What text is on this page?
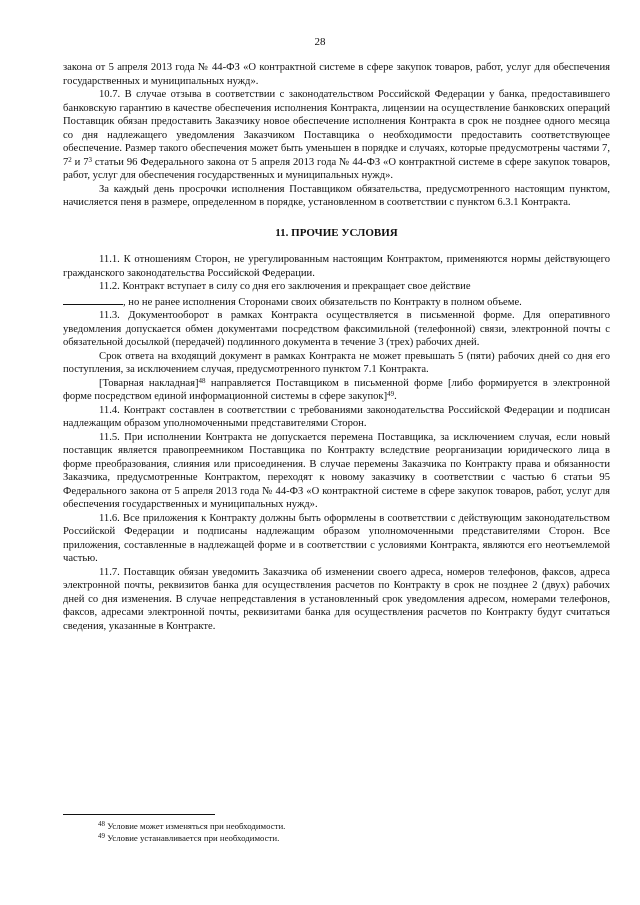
28

закона от 5 апреля 2013 года № 44-ФЗ «О контрактной системе в сфере закупок товаров, работ, услуг для обеспечения государственных и муниципальных нужд».

10.7. В случае отзыва в соответствии с законодательством Российской Федерации у банка, предоставившего банковскую гарантию в качестве обеспечения исполнения Контракта, лицензии на осуществление банковских операций Поставщик обязан предоставить Заказчику новое обеспечение исполнения Контракта в срок не позднее одного месяца со дня надлежащего уведомления Заказчиком Поставщика о необходимости предоставить соответствующее обеспечение. Размер такого обеспечения может быть уменьшен в порядке и случаях, которые предусмотрены частями 7, $7^2$ и $7^3$ статьи 96 Федерального закона от 5 апреля 2013 года № 44-ФЗ «О контрактной системе в сфере закупок товаров, работ, услуг для обеспечения государственных и муниципальных нужд».

За каждый день просрочки исполнения Поставщиком обязательства, предусмотренного настоящим пунктом, начисляется пеня в размере, определенном в порядке, установленном в соответствии с пунктом 6.3.1 Контракта.

11. ПРОЧИЕ УСЛОВИЯ

11.1. К отношениям Сторон, не урегулированным настоящим Контрактом, применяются нормы действующего гражданского законодательства Российской Федерации.

11.2. Контракт вступает в силу со дня его заключения и прекращает свое действие
, но не ранее исполнения Сторонами своих обязательств по Контракту в полном объеме.

11.3. Документооборот в рамках Контракта осуществляется в письменной форме. Для оперативного уведомления допускается обмен документами посредством факсимильной (телефонной) связи, электронной почты с обязательной досылкой (передачей) подлинного документа в течение 3 (трех) рабочих дней.

Срок ответа на входящий документ в рамках Контракта не может превышать 5 (пяти) рабочих дней со дня его поступления, за исключением случая, предусмотренного пунктом 7.1 Контракта.

[Товарная накладная]$^{48}$ направляется Поставщиком в письменной форме [либо формируется в электронной форме посредством единой информационной системы в сфере закупок]$^{49}$.

11.4. Контракт составлен в соответствии с требованиями законодательства Российской Федерации и подписан надлежащим образом уполномоченными представителями Сторон.

11.5. При исполнении Контракта не допускается перемена Поставщика, за исключением случая, если новый поставщик является правопреемником Поставщика по Контракту вследствие реорганизации юридического лица в форме преобразования, слияния или присоединения. В случае перемены Заказчика по Контракту права и обязанности Заказчика, предусмотренные Контрактом, переходят к новому заказчику в соответствии с частью 6 статьи 95 Федерального закона от 5 апреля 2013 года № 44-ФЗ «О контрактной системе в сфере закупок товаров, работ, услуг для обеспечения государственных и муниципальных нужд».

11.6. Все приложения к Контракту должны быть оформлены в соответствии с действующим законодательством Российской Федерации и подписаны надлежащим образом уполномоченными представителями Сторон. Все приложения, составленные в надлежащей форме и в соответствии с условиями Контракта, являются его неотъемлемой частью.

11.7. Поставщик обязан уведомить Заказчика об изменении своего адреса, номеров телефонов, факсов, адреса электронной почты, реквизитов банка для осуществления расчетов по Контракту в срок не позднее 2 (двух) рабочих дней со дня изменения. В случае непредставления в установленный срок уведомления адресом, номерами телефонов, факсов, адресами электронной почты, реквизитами банка для осуществления расчетов по Контракту будут считаться сведения, указанные в Контракте.

$^{48}$ Условие может изменяться при необходимости.
$^{49}$ Условие устанавливается при необходимости.
